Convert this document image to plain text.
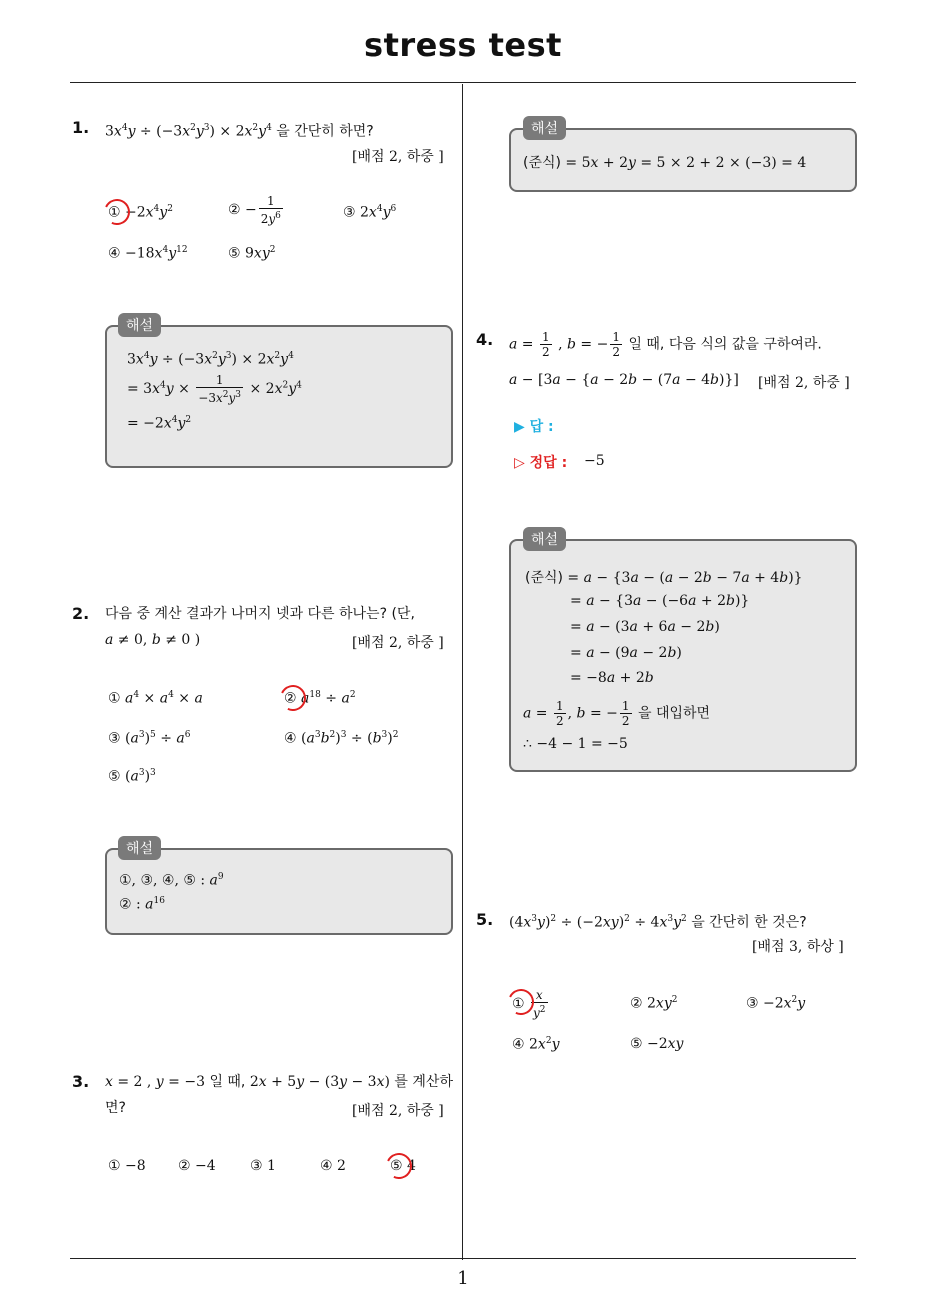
stress test
1
1. $3x^4y \div (-3x^2y^3) \times 2x^2y^4$ 을 간단히 하면?
[배점 2, 하중 ]
① $-2x^4y^2$	② − $\frac{1}{2y^6}$	③ $2x^4y^6$
④ $-18x^4y^{12}$	⑤ $9xy^2$
$3x^4y \div (-3x^2y^3) \times 2x^2y^4$
= $3x^4y \times \frac{1}{-3x^2y^3} \times 2x^2y^4$
= $-2x^4y^2$
해설
2. 다음 중 계산 결과가 나머지 넷과 다른 하나는? (단,
a ≠ 0, b ≠ 0 )	[배점 2, 하중 ]
① $a^4 \times a^4 \times a$	② $a^{18} \div a^2$
③ $(a^3)^5 \div a^6$	④ $(a^3b^2)^3 \div (b^3)^2$
⑤ $(a^3)^3$
①, ③, ④, ⑤ : $a^9$
② : $a^{16}$
해설
3. x = 2 , y = −3 일 때, 2x + 5y − (3y − 3x) 를 계산하
면?	[배점 2, 하중 ]
① −8 ② −4 ③ 1	④ 2	⑤ 4
(준식) = 5x + 2y = 5 × 2 + 2 × (−3) = 4
해설
4. $a = \frac{1}{2}$ , b = − $\frac{1}{2}$ 일 때, 다음 식의 값을 구하여라.
a − [3a − {a − 2b − (7a − 4b)}] [배점 2, 하중 ]
▶ 답 :
▷ 정답 : −5
(준식) = a − {3a − (a − 2b − 7a + 4b)}
= a − {3a − (−6a + 2b)}
= a − (3a + 6a − 2b)
= a − (9a − 2b)
= −8a + 2b
$a = \frac{1}{2}$ , b = − $\frac{1}{2}$ 을 대입하면
∴ −4 − 1 = −5
해설
5. $(4x^3y)^2 \div (-2xy)^2 \div 4x^3y^2$ 을 간단히 한 것은?
[배점 3, 하상 ]
① $\frac{x}{y^2}$	② $2xy^2$	③ $-2x^2y$
④ $2x^2y$	⑤ −2xy
